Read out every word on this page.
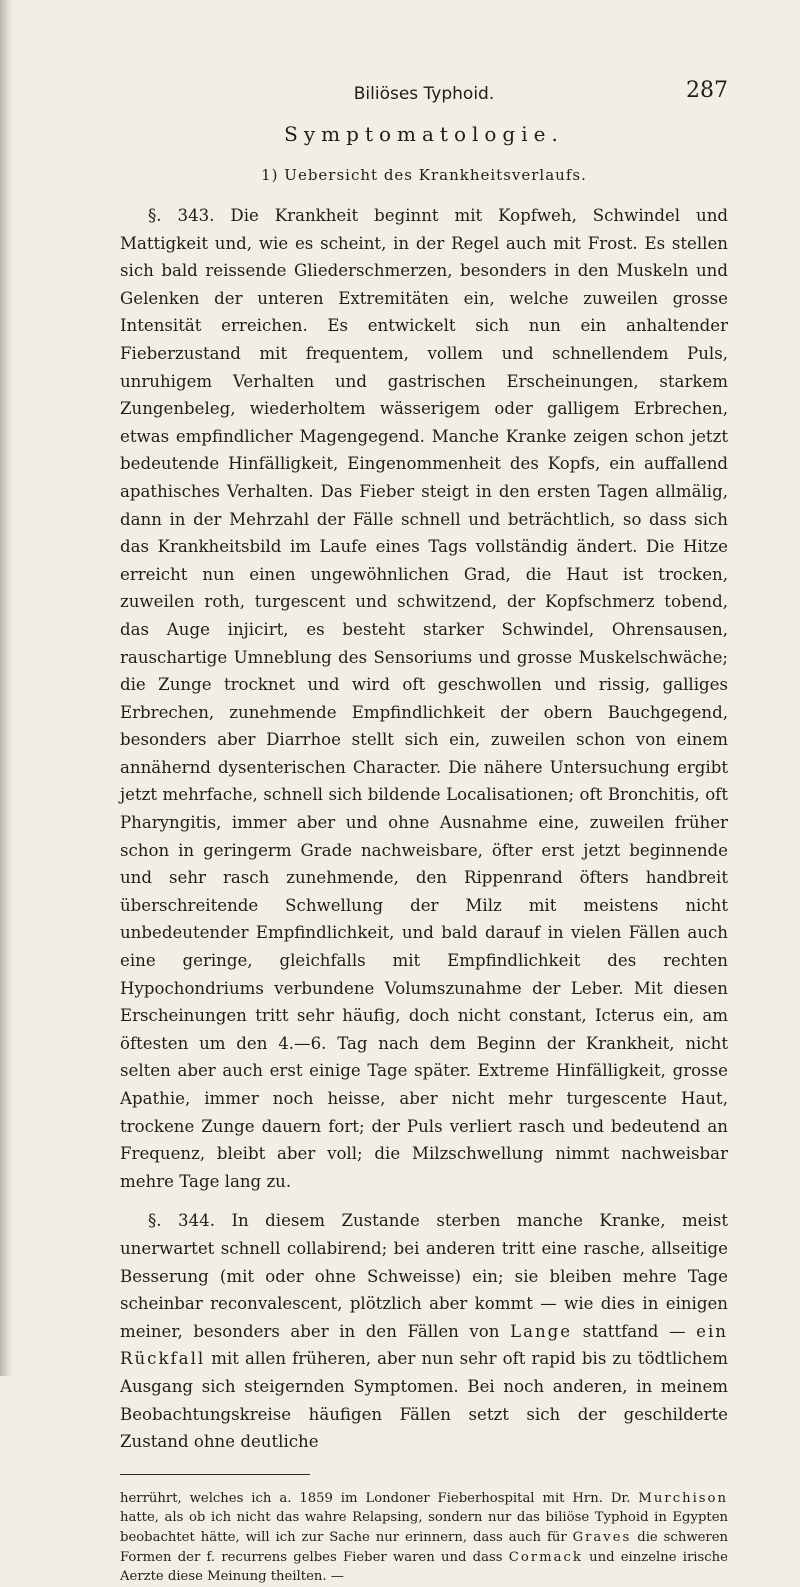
Biliöses Typhoid.	287
Symptomatologie.
1) Uebersicht des Krankheitsverlaufs.

§. 343. Die Krankheit beginnt mit Kopfweh, Schwindel und Mattigkeit und, wie es scheint, in der Regel auch mit Frost. Es stellen sich bald reissende Gliederschmerzen, besonders in den Muskeln und Gelenken der unteren Extremitäten ein, welche zuweilen grosse Intensität erreichen. Es entwickelt sich nun ein anhaltender Fieberzustand mit frequentem, vollem und schnellendem Puls, unruhigem Verhalten und gastrischen Erscheinungen, starkem Zungenbeleg, wiederholtem wässerigem oder galligem Erbrechen, etwas empfindlicher Magengegend. Manche Kranke zeigen schon jetzt bedeutende Hinfälligkeit, Eingenommenheit des Kopfs, ein auffallend apathisches Verhalten. Das Fieber steigt in den ersten Tagen allmälig, dann in der Mehrzahl der Fälle schnell und beträchtlich, so dass sich das Krankheitsbild im Laufe eines Tags vollständig ändert. Die Hitze erreicht nun einen ungewöhnlichen Grad, die Haut ist trocken, zuweilen roth, turgescent und schwitzend, der Kopfschmerz tobend, das Auge injicirt, es besteht starker Schwindel, Ohrensausen, rauschartige Umneblung des Sensoriums und grosse Muskelschwäche; die Zunge trocknet und wird oft geschwollen und rissig, galliges Erbrechen, zunehmende Empfindlichkeit der obern Bauchgegend, besonders aber Diarrhoe stellt sich ein, zuweilen schon von einem annähernd dysenterischen Character. Die nähere Untersuchung ergibt jetzt mehrfache, schnell sich bildende Localisationen; oft Bronchitis, oft Pharyngitis, immer aber und ohne Ausnahme eine, zuweilen früher schon in geringerm Grade nachweisbare, öfter erst jetzt beginnende und sehr rasch zunehmende, den Rippenrand öfters handbreit überschreitende Schwellung der Milz mit meistens nicht unbedeutender Empfindlichkeit, und bald darauf in vielen Fällen auch eine geringe, gleichfalls mit Empfindlichkeit des rechten Hypochondriums verbundene Volumszunahme der Leber. Mit diesen Erscheinungen tritt sehr häufig, doch nicht constant, Icterus ein, am öftesten um den 4.—6. Tag nach dem Beginn der Krankheit, nicht selten aber auch erst einige Tage später. Extreme Hinfälligkeit, grosse Apathie, immer noch heisse, aber nicht mehr turgescente Haut, trockene Zunge dauern fort; der Puls verliert rasch und bedeutend an Frequenz, bleibt aber voll; die Milzschwellung nimmt nachweisbar mehre Tage lang zu.

§. 344. In diesem Zustande sterben manche Kranke, meist unerwartet schnell collabirend; bei anderen tritt eine rasche, allseitige Besserung (mit oder ohne Schweisse) ein; sie bleiben mehre Tage scheinbar reconvalescent, plötzlich aber kommt — wie dies in einigen meiner, besonders aber in den Fällen von Lange stattfand — ein Rückfall mit allen früheren, aber nun sehr oft rapid bis zu tödtlichem Ausgang sich steigernden Symptomen. Bei noch anderen, in meinem Beobachtungskreise häufigen Fällen setzt sich der geschilderte Zustand ohne deutliche

herrührt, welches ich a. 1859 im Londoner Fieberhospital mit Hrn. Dr. Murchison hatte, als ob ich nicht das wahre Relapsing, sondern nur das biliöse Typhoid in Egypten beobachtet hätte, will ich zur Sache nur erinnern, dass auch für Graves die schweren Formen der f. recurrens gelbes Fieber waren und dass Cormack und einzelne irische Aerzte diese Meinung theilten. —
